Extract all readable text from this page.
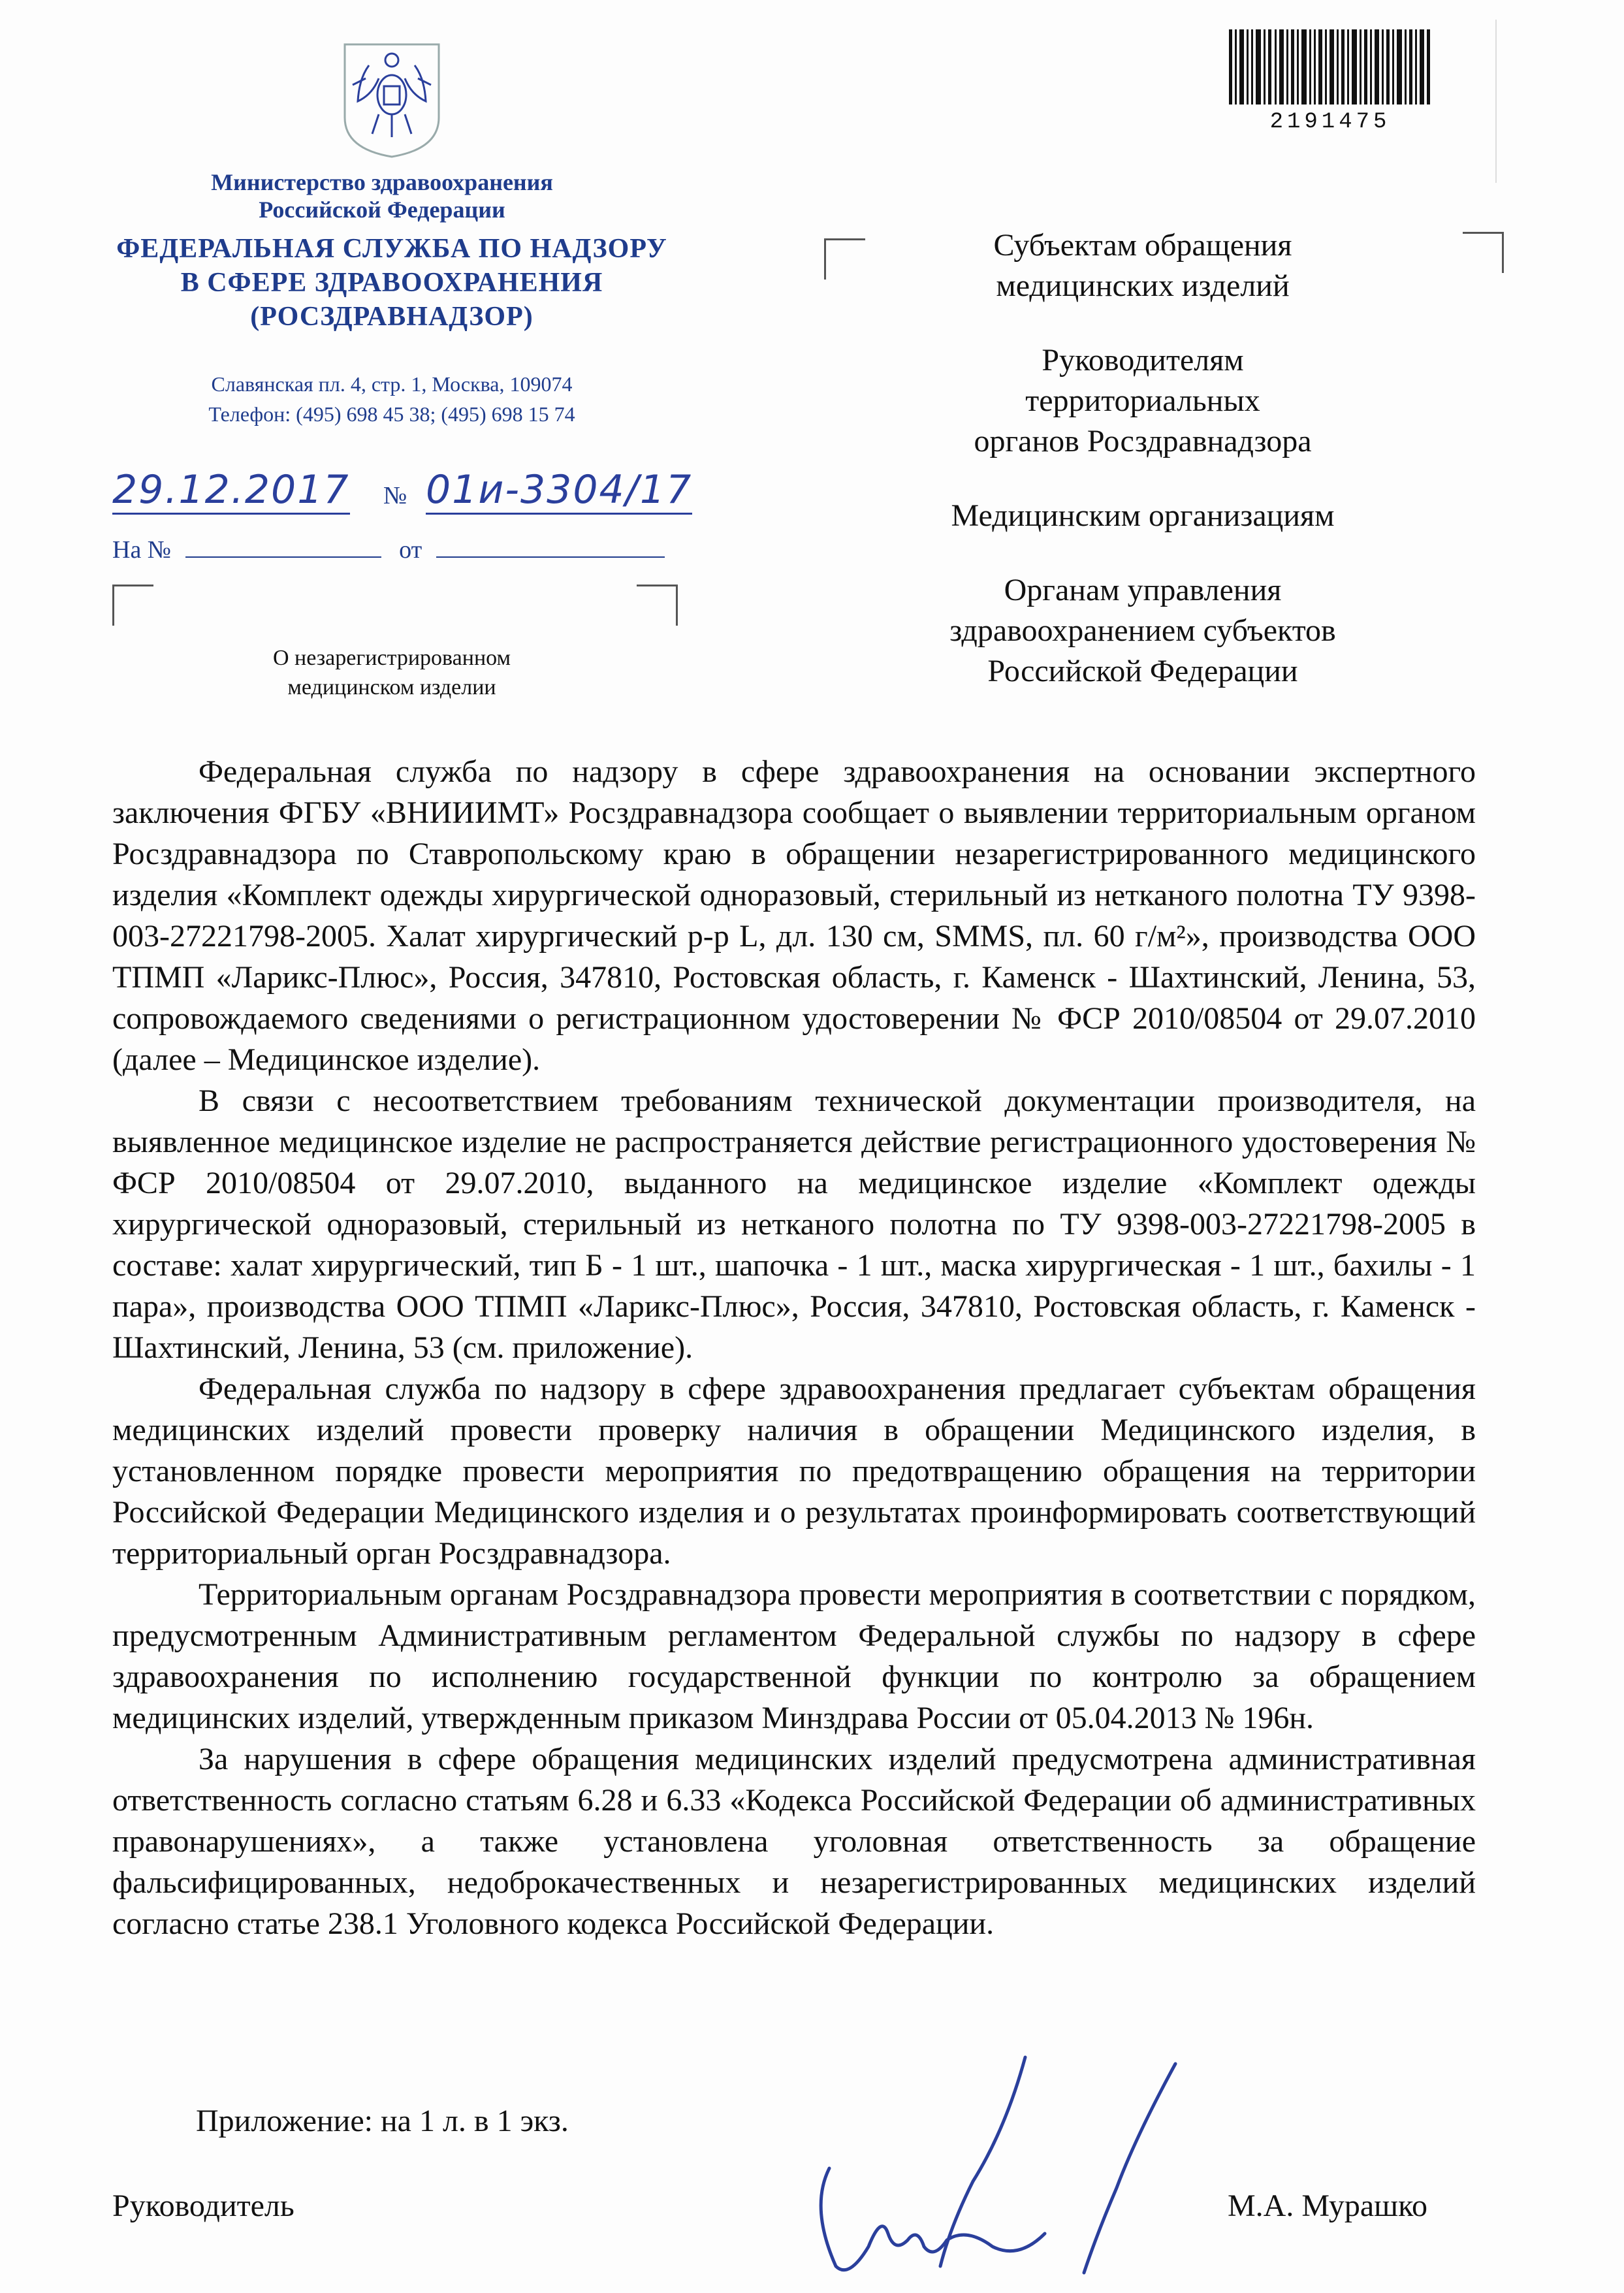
Министерство здравоохранения
Российской Федерации
ФЕДЕРАЛЬНАЯ СЛУЖБА ПО НАДЗОРУ
В СФЕРЕ ЗДРАВООХРАНЕНИЯ
(РОСЗДРАВНАДЗОР)
Славянская пл. 4, стр. 1, Москва, 109074
Телефон: (495) 698 45 38; (495) 698 15 74
29.12.2017 № 01и-3304/17
На №	от
О незарегистрированном
медицинском изделии
2191475

Субъектам обращения
медицинских изделий

Руководителям
территориальных
органов Росздравнадзора

Медицинским организациям

Органам управления
здравоохранением субъектов
Российской Федерации

Федеральная служба по надзору в сфере здравоохранения на основании экспертного заключения ФГБУ «ВНИИИМТ» Росздравнадзора сообщает о выявлении территориальным органом Росздравнадзора по Ставропольскому краю в обращении незарегистрированного медицинского изделия «Комплект одежды хирургической одноразовый, стерильный из нетканого полотна ТУ 9398-003-27221798-2005. Халат хирургический р-р L, дл. 130 см, SMMS, пл. 60 г/м²», производства ООО ТПМП «Ларикс-Плюс», Россия, 347810, Ростовская область, г. Каменск - Шахтинский, Ленина, 53, сопровождаемого сведениями о регистрационном удостоверении № ФСР 2010/08504 от 29.07.2010 (далее – Медицинское изделие).

В связи с несоответствием требованиям технической документации производителя, на выявленное медицинское изделие не распространяется действие регистрационного удостоверения № ФСР 2010/08504 от 29.07.2010, выданного на медицинское изделие «Комплект одежды хирургической одноразовый, стерильный из нетканого полотна по ТУ 9398-003-27221798-2005 в составе: халат хирургический, тип Б - 1 шт., шапочка - 1 шт., маска хирургическая - 1 шт., бахилы - 1 пара», производства ООО ТПМП «Ларикс-Плюс», Россия, 347810, Ростовская область, г. Каменск - Шахтинский, Ленина, 53 (см. приложение).

Федеральная служба по надзору в сфере здравоохранения предлагает субъектам обращения медицинских изделий провести проверку наличия в обращении Медицинского изделия, в установленном порядке провести мероприятия по предотвращению обращения на территории Российской Федерации Медицинского изделия и о результатах проинформировать соответствующий территориальный орган Росздравнадзора.

Территориальным органам Росздравнадзора провести мероприятия в соответствии с порядком, предусмотренным Административным регламентом Федеральной службы по надзору в сфере здравоохранения по исполнению государственной функции по контролю за обращением медицинских изделий, утвержденным приказом Минздрава России от 05.04.2013 № 196н.

За нарушения в сфере обращения медицинских изделий предусмотрена административная ответственность согласно статьям 6.28 и 6.33 «Кодекса Российской Федерации об административных правонарушениях», а также установлена уголовная ответственность за обращение фальсифицированных, недоброкачественных и незарегистрированных медицинских изделий согласно статье 238.1 Уголовного кодекса Российской Федерации.

Приложение: на 1 л. в 1 экз.
Руководитель	М.А. Мурашко
